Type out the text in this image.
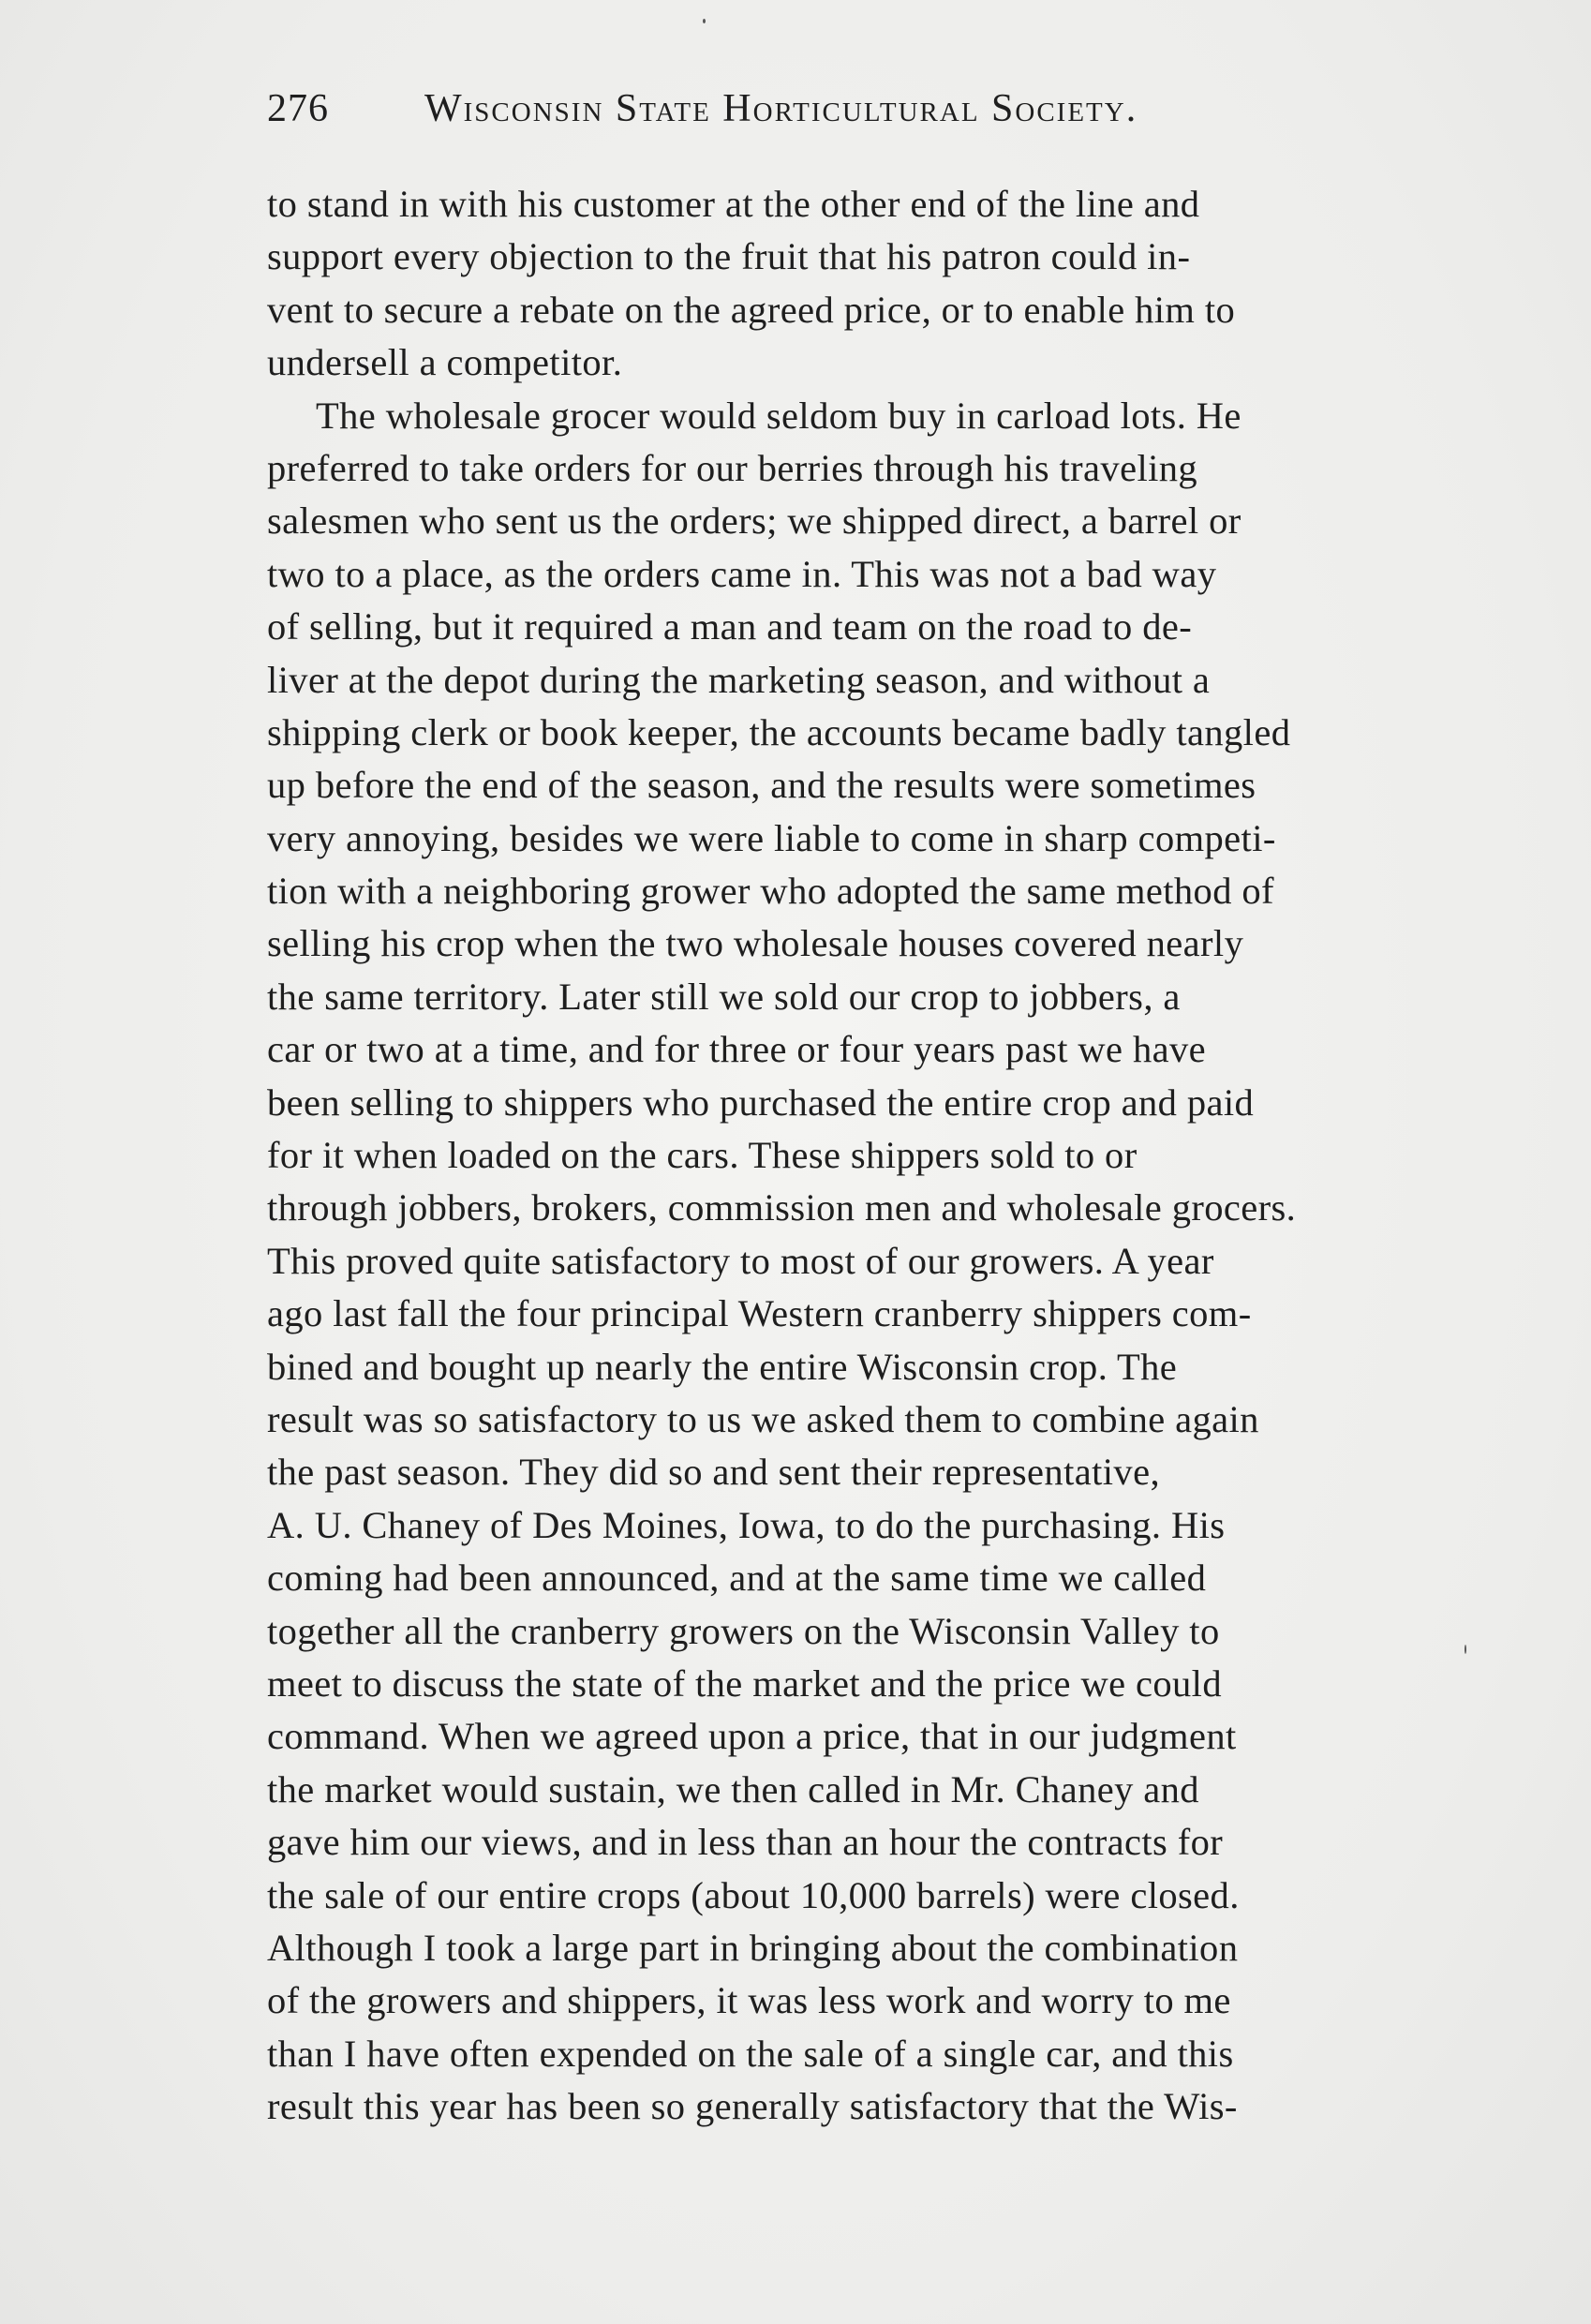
276 Wisconsin State Horticultural Society.
to stand in with his customer at the other end of the line and
support every objection to the fruit that his patron could in-
vent to secure a rebate on the agreed price, or to enable him to
undersell a competitor.
The wholesale grocer would seldom buy in carload lots. He
preferred to take orders for our berries through his traveling
salesmen who sent us the orders; we shipped direct, a barrel or
two to a place, as the orders came in. This was not a bad way
of selling, but it required a man and team on the road to de-
liver at the depot during the marketing season, and without a
shipping clerk or book keeper, the accounts became badly tangled
up before the end of the season, and the results were sometimes
very annoying, besides we were liable to come in sharp competi-
tion with a neighboring grower who adopted the same method of
selling his crop when the two wholesale houses covered nearly
the same territory. Later still we sold our crop to jobbers, a
car or two at a time, and for three or four years past we have
been selling to shippers who purchased the entire crop and paid
for it when loaded on the cars. These shippers sold to or
through jobbers, brokers, commission men and wholesale grocers.
This proved quite satisfactory to most of our growers. A year
ago last fall the four principal Western cranberry shippers com-
bined and bought up nearly the entire Wisconsin crop. The
result was so satisfactory to us we asked them to combine again
the past season. They did so and sent their representative,
A. U. Chaney of Des Moines, Iowa, to do the purchasing. His
coming had been announced, and at the same time we called
together all the cranberry growers on the Wisconsin Valley to
meet to discuss the state of the market and the price we could
command. When we agreed upon a price, that in our judgment
the market would sustain, we then called in Mr. Chaney and
gave him our views, and in less than an hour the contracts for
the sale of our entire crops (about 10,000 barrels) were closed.
Although I took a large part in bringing about the combination
of the growers and shippers, it was less work and worry to me
than I have often expended on the sale of a single car, and this
result this year has been so generally satisfactory that the Wis-
